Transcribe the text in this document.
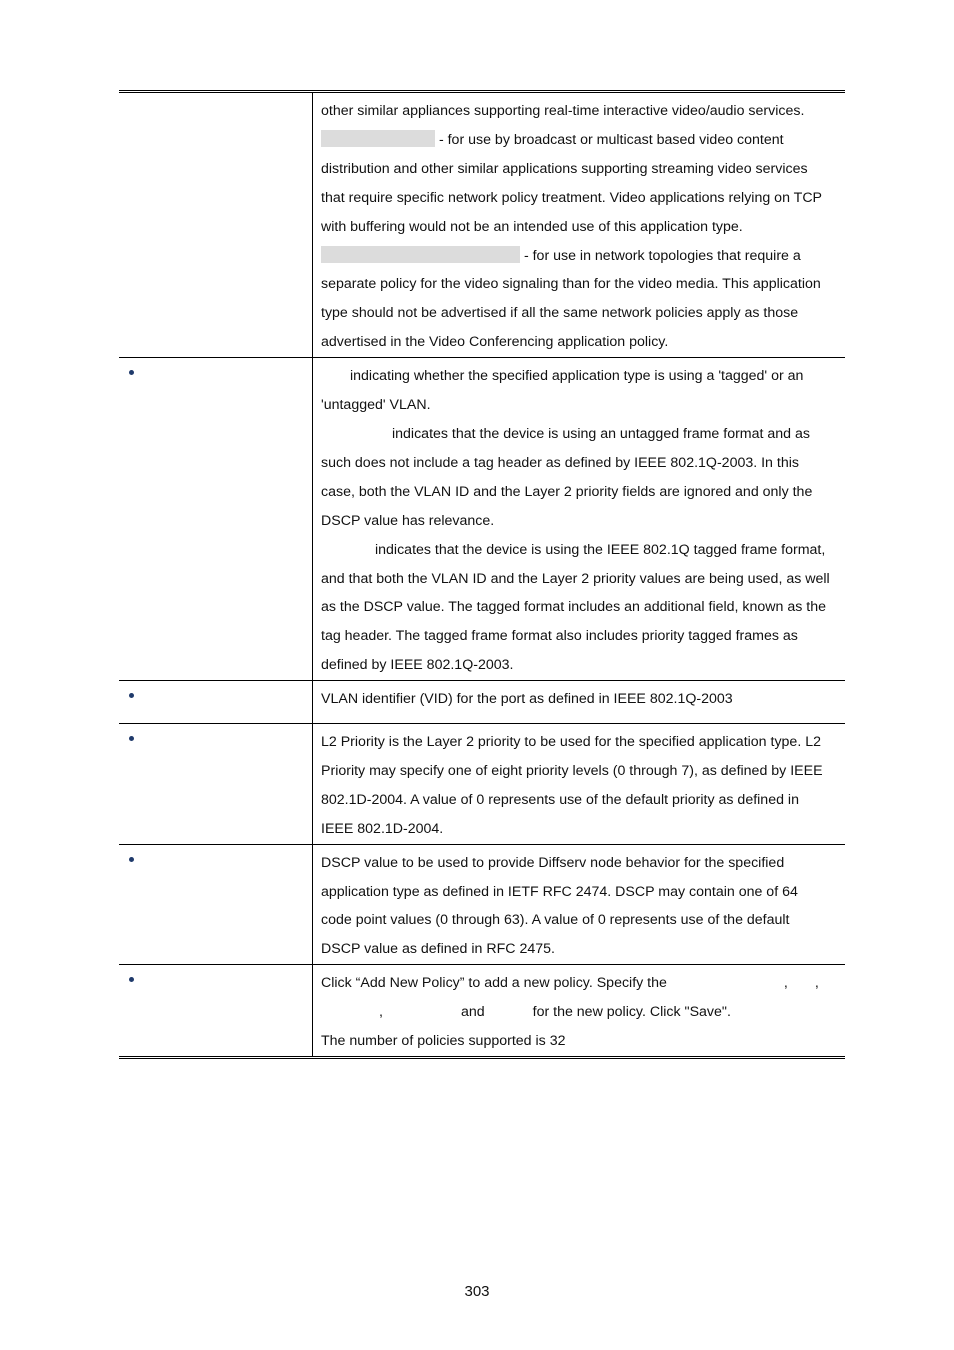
other similar appliances supporting real-time interactive video/audio services.
- for use by broadcast or multicast based video content
distribution and other similar applications supporting streaming video services
that require specific network policy treatment. Video applications relying on TCP
with buffering would not be an intended use of this application type.
- for use in network topologies that require a
separate policy for the video signaling than for the video media. This application
type should not be advertised if all the same network policies apply as those
advertised in the Video Conferencing application policy.
indicating whether the specified application type is using a 'tagged' or an
'untagged' VLAN.
indicates that the device is using an untagged frame format and as
such does not include a tag header as defined by IEEE 802.1Q-2003. In this
case, both the VLAN ID and the Layer 2 priority fields are ignored and only the
DSCP value has relevance.
indicates that the device is using the IEEE 802.1Q tagged frame format,
and that both the VLAN ID and the Layer 2 priority values are being used, as well
as the DSCP value. The tagged format includes an additional field, known as the
tag header. The tagged frame format also includes priority tagged frames as
defined by IEEE 802.1Q-2003.
VLAN identifier (VID) for the port as defined in IEEE 802.1Q-2003
L2 Priority is the Layer 2 priority to be used for the specified application type. L2
Priority may specify one of eight priority levels (0 through 7), as defined by IEEE
802.1D-2004. A value of 0 represents use of the default priority as defined in
IEEE 802.1D-2004.
DSCP value to be used to provide Diffserv node behavior for the specified
application type as defined in IETF RFC 2474. DSCP may contain one of 64
code point values (0 through 63). A value of 0 represents use of the default
DSCP value as defined in RFC 2475.
Click “Add New Policy” to add a new policy. Specify the	, ,
,	and	for the new policy. Click "Save".
The number of policies supported is 32
303
